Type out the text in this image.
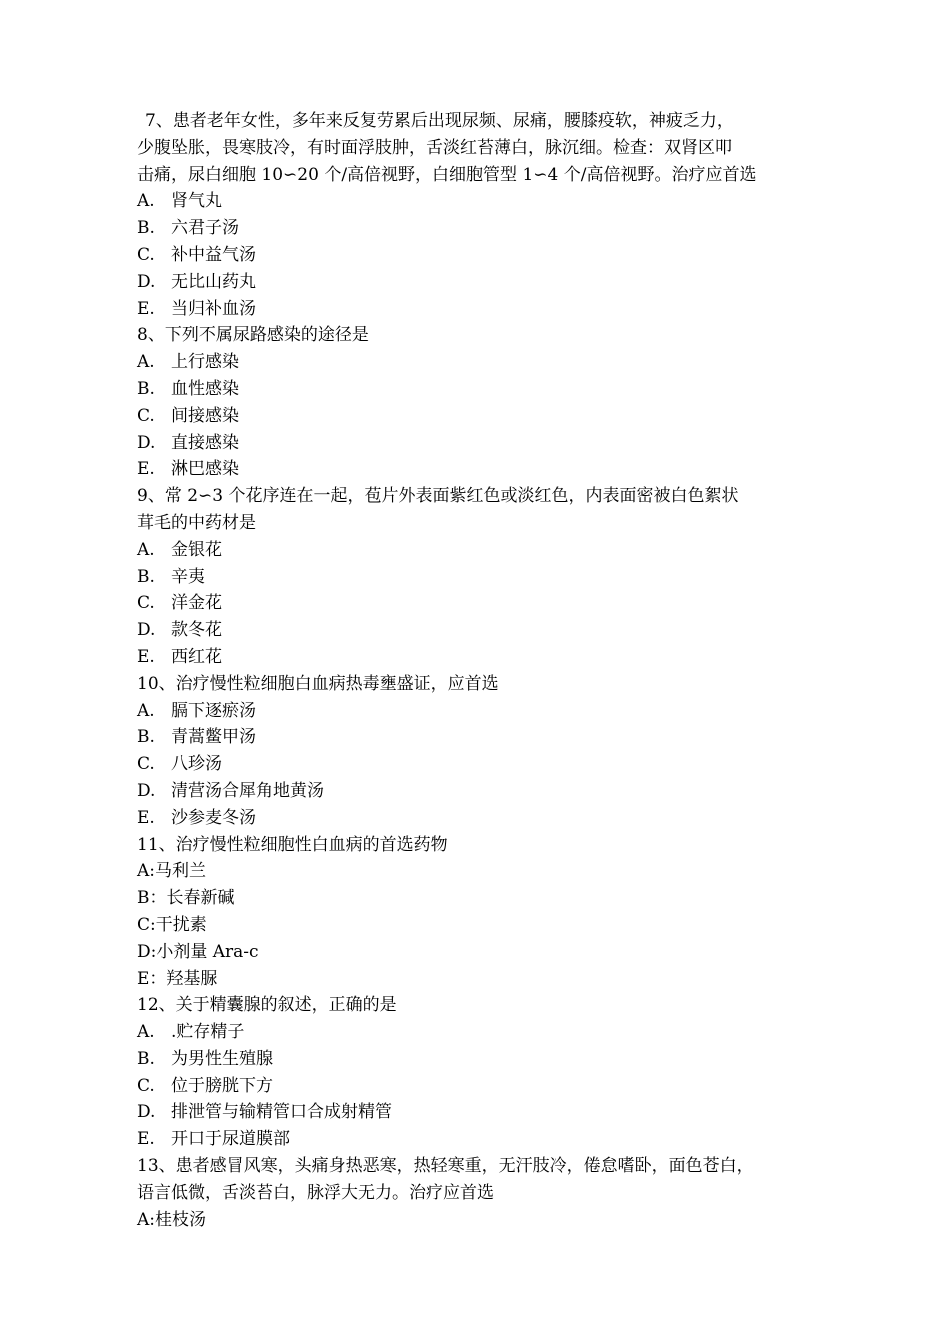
7、患者老年女性，多年来反复劳累后出现尿频、尿痛，腰膝疫软，神疲乏力，

少腹坠胀，畏寒肢冷，有时面浮肢肿，舌淡红苔薄白，脉沉细。检查：双肾区叩

击痛，尿白细胞 10∽20 个/高倍视野，白细胞管型 1∽4 个/高倍视野。治疗应首选

A. 肾气丸

B. 六君子汤

C. 补中益气汤

D. 无比山药丸

E. 当归补血汤

8、下列不属尿路感染的途径是

A. 上行感染

B. 血性感染

C. 间接感染

D. 直接感染

E. 淋巴感染

9、常 2∽3 个花序连在一起，苞片外表面紫红色或淡红色，内表面密被白色絮状

茸毛的中药材是

A. 金银花

B. 辛夷

C. 洋金花

D. 款冬花

E. 西红花

10、治疗慢性粒细胞白血病热毒壅盛证，应首选

A. 膈下逐瘀汤

B. 青蒿鳖甲汤

C. 八珍汤

D. 清营汤合犀角地黄汤

E. 沙参麦冬汤

11、治疗慢性粒细胞性白血病的首选药物

A:马利兰

B：长春新碱

C:干扰素

D:小剂量 Ara-c

E：羟基脲

12、关于精囊腺的叙述，正确的是

A. .贮存精子

B. 为男性生殖腺

C. 位于膀胱下方

D. 排泄管与输精管口合成射精管

E. 开口于尿道膜部

13、患者感冒风寒，头痛身热恶寒，热轻寒重，无汗肢冷，倦怠嗜卧，面色苍白，

语言低微，舌淡苔白，脉浮大无力。治疗应首选

A:桂枝汤
